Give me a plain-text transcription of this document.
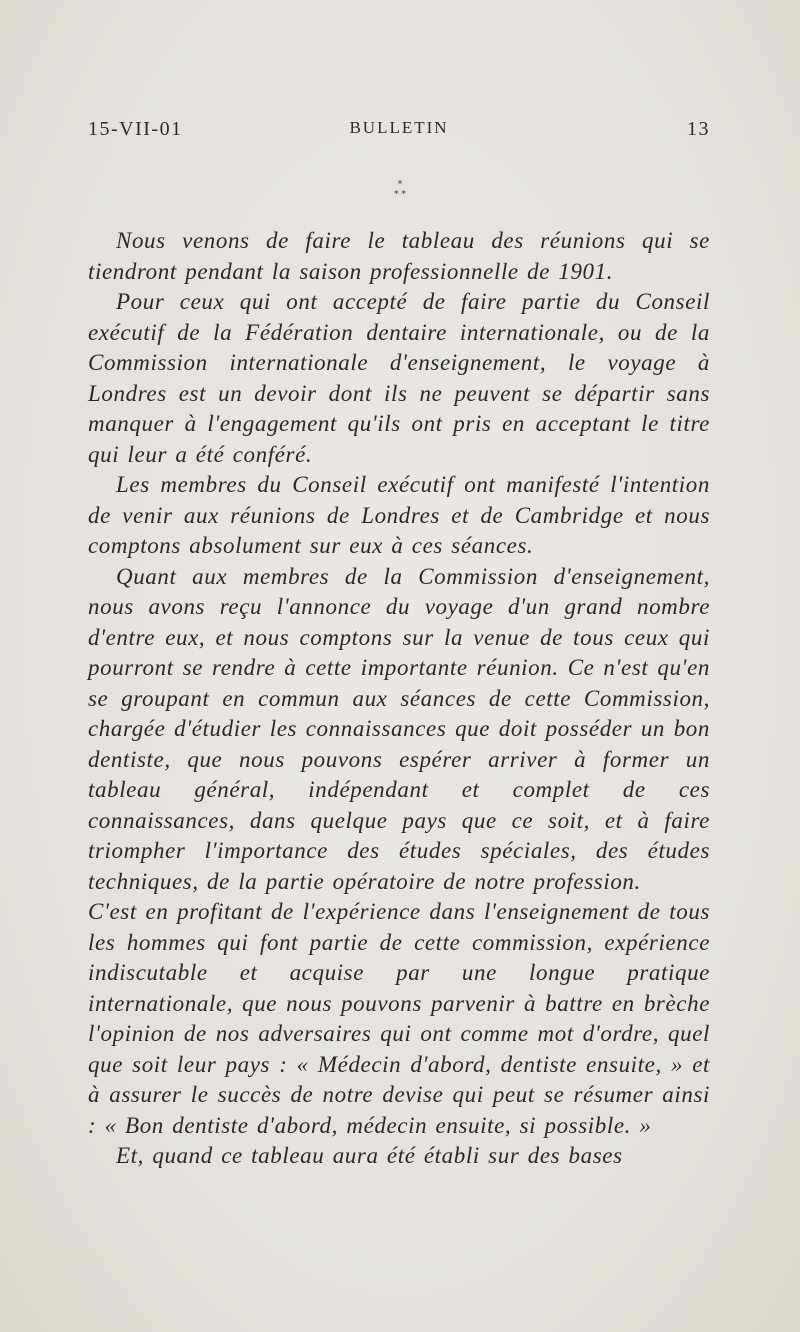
15-VII-01	BULLETIN	13
*
* *

Nous venons de faire le tableau des réunions qui se tiendront pendant la saison professionnelle de 1901.

Pour ceux qui ont accepté de faire partie du Conseil exécutif de la Fédération dentaire internationale, ou de la Commission internationale d'enseignement, le voyage à Londres est un devoir dont ils ne peuvent se départir sans manquer à l'engagement qu'ils ont pris en acceptant le titre qui leur a été conféré.

Les membres du Conseil exécutif ont manifesté l'intention de venir aux réunions de Londres et de Cambridge et nous comptons absolument sur eux à ces séances.

Quant aux membres de la Commission d'enseignement, nous avons reçu l'annonce du voyage d'un grand nombre d'entre eux, et nous comptons sur la venue de tous ceux qui pourront se rendre à cette importante réunion. Ce n'est qu'en se groupant en commun aux séances de cette Commission, chargée d'étudier les connaissances que doit posséder un bon dentiste, que nous pouvons espérer arriver à former un tableau général, indépendant et complet de ces connaissances, dans quelque pays que ce soit, et à faire triompher l'importance des études spéciales, des études techniques, de la partie opératoire de notre profession.

C'est en profitant de l'expérience dans l'enseignement de tous les hommes qui font partie de cette commission, expérience indiscutable et acquise par une longue pratique internationale, que nous pouvons parvenir à battre en brèche l'opinion de nos adversaires qui ont comme mot d'ordre, quel que soit leur pays : « Médecin d'abord, dentiste ensuite, » et à assurer le succès de notre devise qui peut se résumer ainsi : « Bon dentiste d'abord, médecin ensuite, si possible. »

Et, quand ce tableau aura été établi sur des bases
